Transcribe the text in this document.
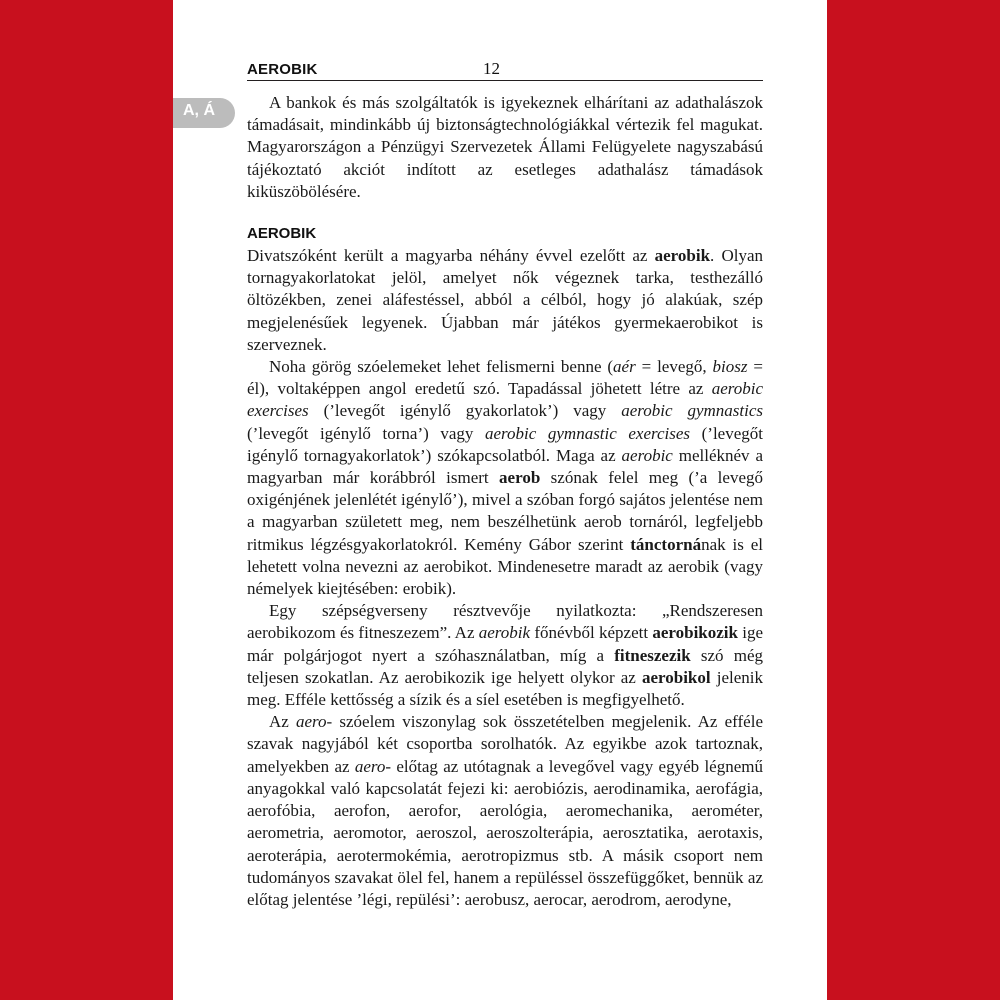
AEROBIK	12
A, Á	A bankok és más szolgáltatók is igyekeznek elhárítani az adathalászok támadásait, mindinkább új biztonságtechnológiákkal vértezik fel magukat. Magyarországon a Pénzügyi Szervezetek Állami Felügyelete nagyszabású tájékoztató akciót indított az esetleges adathalász támadások kiküszöbölésére.

AEROBIK

Divatszóként került a magyarba néhány évvel ezelőtt az aerobik. Olyan tornagyakorlatokat jelöl, amelyet nők végeznek tarka, testhezálló öltözékben, zenei aláfestéssel, abból a célból, hogy jó alakúak, szép megjelenésűek legyenek. Újabban már játékos gyermekaerobikot is szerveznek.

Noha görög szóelemeket lehet felismerni benne (aér = levegő, biosz = él), voltaképpen angol eredetű szó. Tapadással jöhetett létre az aerobic exercises (’levegőt igénylő gyakorlatok’) vagy aerobic gymnastics (’levegőt igénylő torna’) vagy aerobic gymnastic exercises (’levegőt igénylő tornagyakorlatok’) szókapcsolatból. Maga az aerobic melléknév a magyarban már korábbról ismert aerob szónak felel meg (’a levegő oxigénjének jelenlétét igénylő’), mivel a szóban forgó sajátos jelentése nem a magyarban született meg, nem beszélhetünk aerob tornáról, legfeljebb ritmikus légzésgyakorlatokról. Kemény Gábor szerint tánctornának is el lehetett volna nevezni az aerobikot. Mindenesetre maradt az aerobik (vagy némelyek kiejtésében: erobik).

Egy szépségverseny résztvevője nyilatkozta: „Rendszeresen aerobikozom és fitneszezem”. Az aerobik főnévből képzett aerobikozik ige már polgárjogot nyert a szóhasználatban, míg a fitneszezik szó még teljesen szokatlan. Az aerobikozik ige helyett olykor az aerobikol jelenik meg. Efféle kettősség a sízik és a síel esetében is megfigyelhető.

Az aero- szóelem viszonylag sok összetételben megjelenik. Az efféle szavak nagyjából két csoportba sorolhatók. Az egyikbe azok tartoznak, amelyekben az aero- előtag az utótagnak a levegővel vagy egyéb légnemű anyagokkal való kapcsolatát fejezi ki: aerobiózis, aerodinamika, aerofágia, aerofóbia, aerofon, aerofor, aerológia, aeromechanika, aerométer, aerometria, aeromotor, aeroszol, aeroszolterápia, aerosztatika, aerotaxis, aeroterápia, aerotermokémia, aerotropizmus stb. A másik csoport nem tudományos szavakat ölel fel, hanem a repüléssel összefüggőket, bennük az előtag jelentése ’légi, repülési’: aerobusz, aerocar, aerodrom, aerodyne,
